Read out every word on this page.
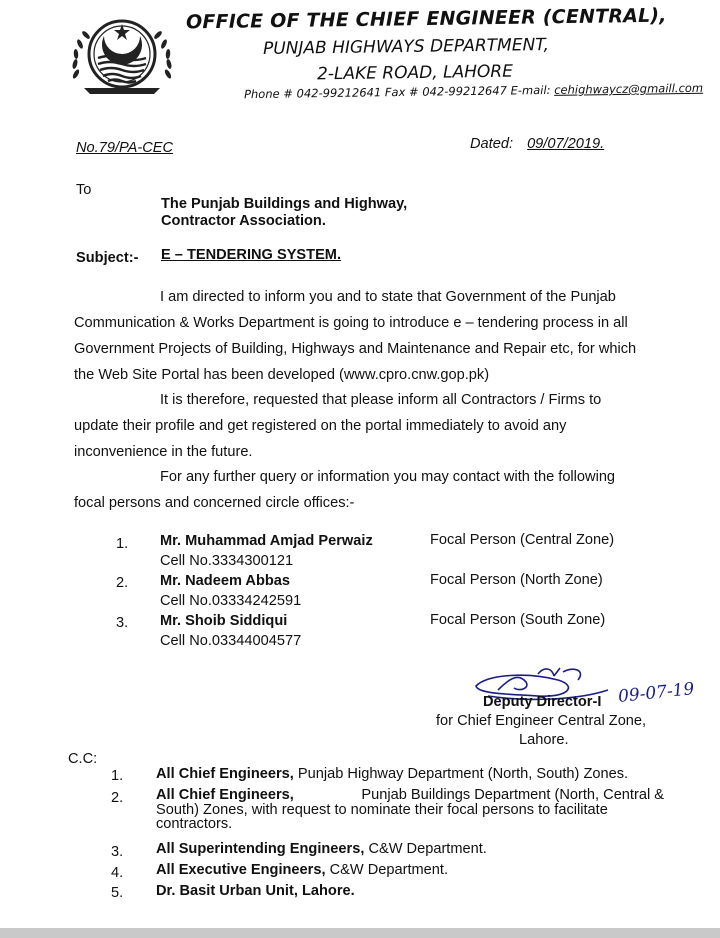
OFFICE OF THE CHIEF ENGINEER (CENTRAL),
PUNJAB HIGHWAYS DEPARTMENT,
2-LAKE ROAD, LAHORE
Phone # 042-99212641 Fax # 042-99212647 E-mail: cehighwaycz@gmaill.com
No.79/PA-CEC	Dated: 09/07/2019.
To
The Punjab Buildings and Highway,
Contractor Association.
Subject:- E – TENDERING SYSTEM.
I am directed to inform you and to state that Government of the Punjab
Communication & Works Department is going to introduce e – tendering process in all
Government Projects of Building, Highways and Maintenance and Repair etc, for which
the Web Site Portal has been developed (www.cpro.cnw.gop.pk)
It is therefore, requested that please inform all Contractors / Firms to
update their profile and get registered on the portal immediately to avoid any
inconvenience in the future.
For any further query or information you may contact with the following
focal persons and concerned circle offices:-
1. Mr. Muhammad Amjad Perwaiz
Cell No.3334300121
Focal Person (Central Zone)
2. Mr. Nadeem Abbas
Cell No.03334242591
Focal Person (North Zone)
3. Mr. Shoib Siddiqui
Cell No.03344004577
Focal Person (South Zone)
09-07-19
Deputy Director-I
for Chief Engineer Central Zone,
Lahore.
C.C:
1. All Chief Engineers, Punjab Highway Department (North, South) Zones.
2. All Chief Engineers,	Punjab Buildings Department (North, Central &
South) Zones, with request to nominate their focal persons to facilitate
contractors.
3. All Superintending Engineers, C&W Department.
4. All Executive Engineers, C&W Department.
5. Dr. Basit Urban Unit, Lahore.
